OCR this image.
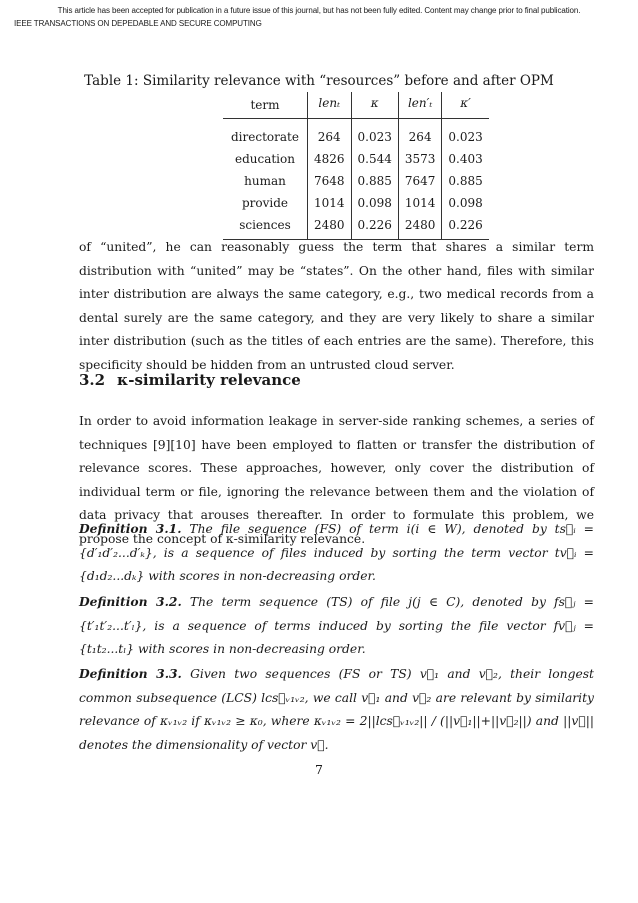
This article has been accepted for publication in a future issue of this journal, but has not been fully edited. Content may change prior to final publication.
IEEE TRANSACTIONS ON DEPEDABLE AND SECURE COMPUTING
Table 1: Similarity relevance with “resources” before and after OPM
term	lenₜ	κ	len′ₜ	κ′
directorate	264	0.023	264	0.023
education	4826	0.544	3573	0.403
human	7648	0.885	7647	0.885
provide	1014	0.098	1014	0.098
sciences	2480	0.226	2480	0.226
of “united”, he can reasonably guess the term that shares a similar term distribution with “united” may be “states”. On the other hand, files with similar inter distribution are always the same category, e.g., two medical records from a dental surely are the same category, and they are very likely to share a similar inter distribution (such as the titles of each entries are the same). Therefore, this specificity should be hidden from an untrusted cloud server.
3.2 κ-similarity relevance
In order to avoid information leakage in server-side ranking schemes, a series of techniques [9][10] have been employed to flatten or transfer the distribution of relevance scores. These approaches, however, only cover the distribution of individual term or file, ignoring the relevance between them and the violation of data privacy that arouses thereafter. In order to formulate this problem, we propose the concept of κ-similarity relevance.
Definition 3.1. The file sequence (FS) of term i(i ∈ W), denoted by ts⃗ᵢ = {d′₁d′₂...d′ₖ}, is a sequence of files induced by sorting the term vector tv⃗ᵢ = {d₁d₂...dₖ} with scores in non-decreasing order.
Definition 3.2. The term sequence (TS) of file j(j ∈ C), denoted by fs⃗ⱼ = {t′₁t′₂...t′ₗ}, is a sequence of terms induced by sorting the file vector fv⃗ⱼ = {t₁t₂...tₗ} with scores in non-decreasing order.
Definition 3.3. Given two sequences (FS or TS) v⃗₁ and v⃗₂, their longest common subsequence (LCS) lcs⃗ᵥ₁ᵥ₂, we call v⃗₁ and v⃗₂ are relevant by similarity relevance of κᵥ₁ᵥ₂ if κᵥ₁ᵥ₂ ≥ κ₀, where κᵥ₁ᵥ₂ = 2||lcs⃗ᵥ₁ᵥ₂|| / (||v⃗₁||+||v⃗₂||) and ||v⃗|| denotes the dimensionality of vector v⃗.
7
